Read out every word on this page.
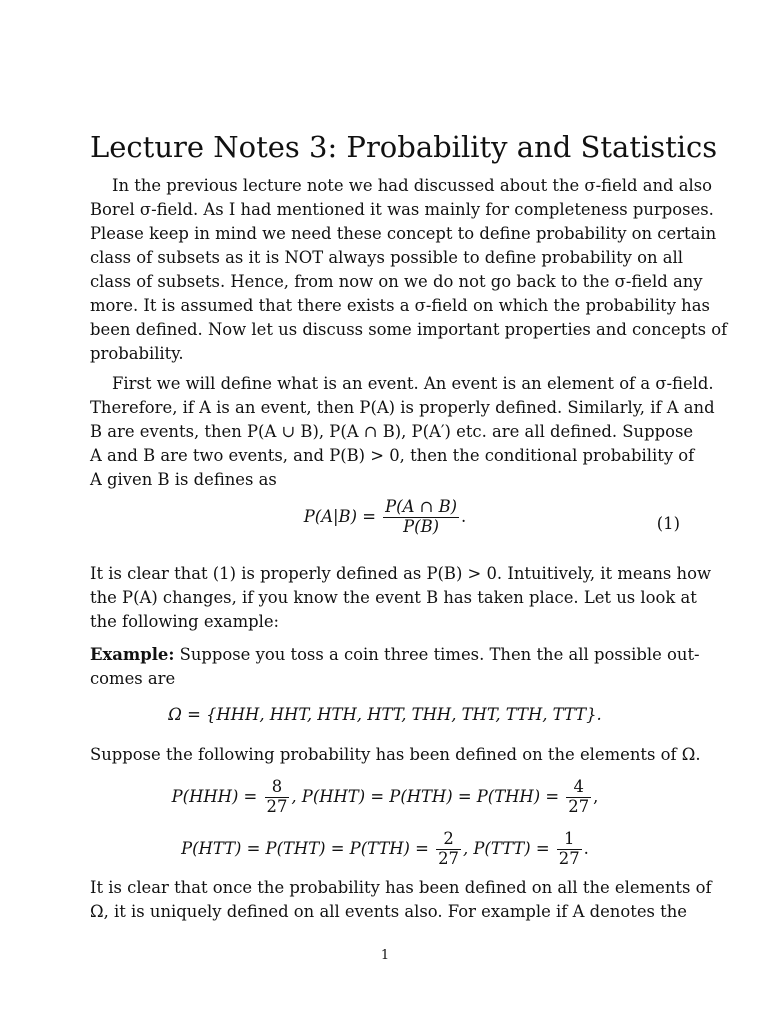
Lecture Notes 3: Probability and Statistics

In the previous lecture note we had discussed about the σ-field and also
Borel σ-field. As I had mentioned it was mainly for completeness purposes.
Please keep in mind we need these concept to define probability on certain
class of subsets as it is NOT always possible to define probability on all
class of subsets. Hence, from now on we do not go back to the σ-field any
more. It is assumed that there exists a σ-field on which the probability has
been defined. Now let us discuss some important properties and concepts of
probability.

First we will define what is an event. An event is an element of a σ-field.
Therefore, if A is an event, then P(A) is properly defined. Similarly, if A and
B are events, then P(A ∪ B), P(A ∩ B), P(A′) etc. are all defined. Suppose
A and B are two events, and P(B) > 0, then the conditional probability of
A given B is defines as

$P(A|B) = \frac{P(A \cap B)}{P(B)}$ .	(1)

It is clear that (1) is properly defined as P(B) > 0. Intuitively, it means how
the P(A) changes, if you know the event B has taken place. Let us look at
the following example:

Example: Suppose you toss a coin three times. Then the all possible out-
comes are

Ω = {HHH, HHT, HTH, HTT, THH, THT, TTH, TTT}.

Suppose the following probability has been defined on the elements of Ω.

$P(HHH) = \frac{8}{27}$ , $P(HHT) = P(HTH) = P(THH) = \frac{4}{27}$ ,
$P(HTT) = P(THT) = P(TTH) = \frac{2}{27}$ , $P(TTT) = \frac{1}{27}$ .

It is clear that once the probability has been defined on all the elements of
Ω, it is uniquely defined on all events also. For example if A denotes the

1
